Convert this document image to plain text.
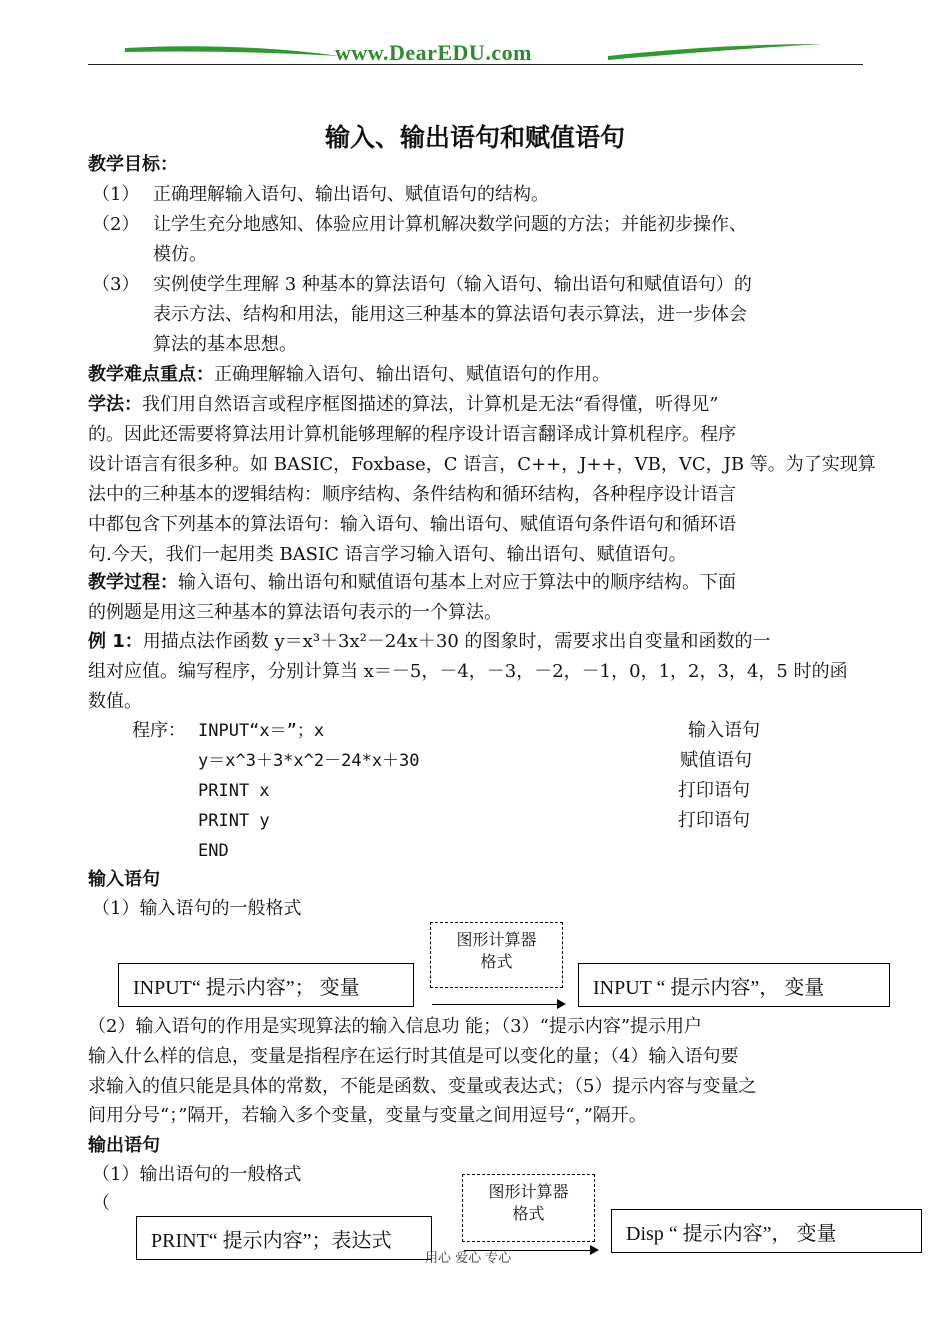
www.DearEDU.com
输入、输出语句和赋值语句
教学目标：
（1） 正确理解输入语句、输出语句、赋值语句的结构。
（2） 让学生充分地感知、体验应用计算机解决数学问题的方法；并能初步操作、
模仿。
（3） 实例使学生理解 3 种基本的算法语句（输入语句、输出语句和赋值语句）的
表示方法、结构和用法，能用这三种基本的算法语句表示算法，进一步体会
算法的基本思想。
教学难点重点：正确理解输入语句、输出语句、赋值语句的作用。
学法：我们用自然语言或程序框图描述的算法，计算机是无法“看得懂，听得见”
的。因此还需要将算法用计算机能够理解的程序设计语言翻译成计算机程序。程序
设计语言有很多种。如 BASIC，Foxbase，C 语言，C++，J++，VB，VC，JB 等。为了实现算
法中的三种基本的逻辑结构：顺序结构、条件结构和循环结构，各种程序设计语言
中都包含下列基本的算法语句：输入语句、输出语句、赋值语句条件语句和循环语
句.今天，我们一起用类 BASIC 语言学习输入语句、输出语句、赋值语句。
教学过程：输入语句、输出语句和赋值语句基本上对应于算法中的顺序结构。下面
的例题是用这三种基本的算法语句表示的一个算法。
例 1：用描点法作函数 y＝x³＋3x²－24x＋30 的图象时，需要求出自变量和函数的一
组对应值。编写程序，分别计算当 x＝－5，－4，－3，－2，－1，0，1，2，3，4，5 时的函
数值。
程序： INPUT“x＝”；x	输入语句
y＝x^3＋3*x^2－24*x＋30	赋值语句
PRINT x	打印语句
PRINT y	打印语句
END
输入语句
（1）输入语句的一般格式
图形计算器
格式
INPUT“ 提示内容”； 变量	INPUT “ 提示内容”， 变量
（2）输入语句的作用是实现算法的输入信息功 能；（3）“提示内容”提示用户
输入什么样的信息，变量是指程序在运行时其值是可以变化的量；（4）输入语句要
求输入的值只能是具体的常数，不能是函数、变量或表达式；（5）提示内容与变量之
间用分号“；”隔开，若输入多个变量，变量与变量之间用逗号“，”隔开。
输出语句
（1）输出语句的一般格式
（
图形计算器
格式
PRINT“ 提示内容”；表达式	Disp “ 提示内容”， 变量
用心 爱心 专心
